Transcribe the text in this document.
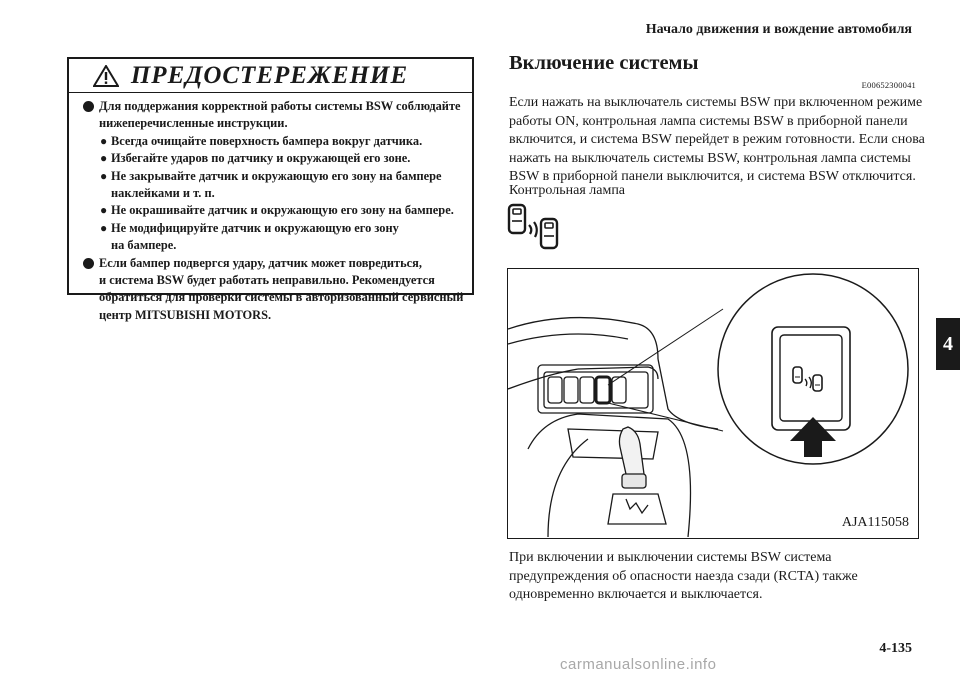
Начало движения и вождение автомобиля
4
ПРЕДОСТЕРЕЖЕНИЕ
Для поддержания корректной работы системы BSW соблюдайте
нижеперечисленные инструкции.
● Всегда очищайте поверхность бампера вокруг датчика.
● Избегайте ударов по датчику и окружающей его зоне.
● Не закрывайте датчик и окружающую его зону на бампере
наклейками и т. п.
● Не окрашивайте датчик и окружающую его зону на бампере.
● Не модифицируйте датчик и окружающую его зону
на бампере.
Если бампер подвергся удару, датчик может повредиться,
и система BSW будет работать неправильно. Рекомендуется
обратиться для проверки системы в авторизованный сервисный
центр MITSUBISHI MOTORS.
Включение системы
E00652300041
Если нажать на выключатель системы BSW при включенном режиме
работы ON, контрольная лампа системы BSW в приборной панели
включится, и система BSW перейдет в режим готовности. Если снова
нажать на выключатель системы BSW, контрольная лампа системы
BSW в приборной панели выключится, и система BSW отключится.
Контрольная лампа
AJA115058
При включении и выключении системы BSW система
предупреждения об опасности наезда сзади (RCTA) также
одновременно включается и выключается.
4-135
carmanualsonline.info
